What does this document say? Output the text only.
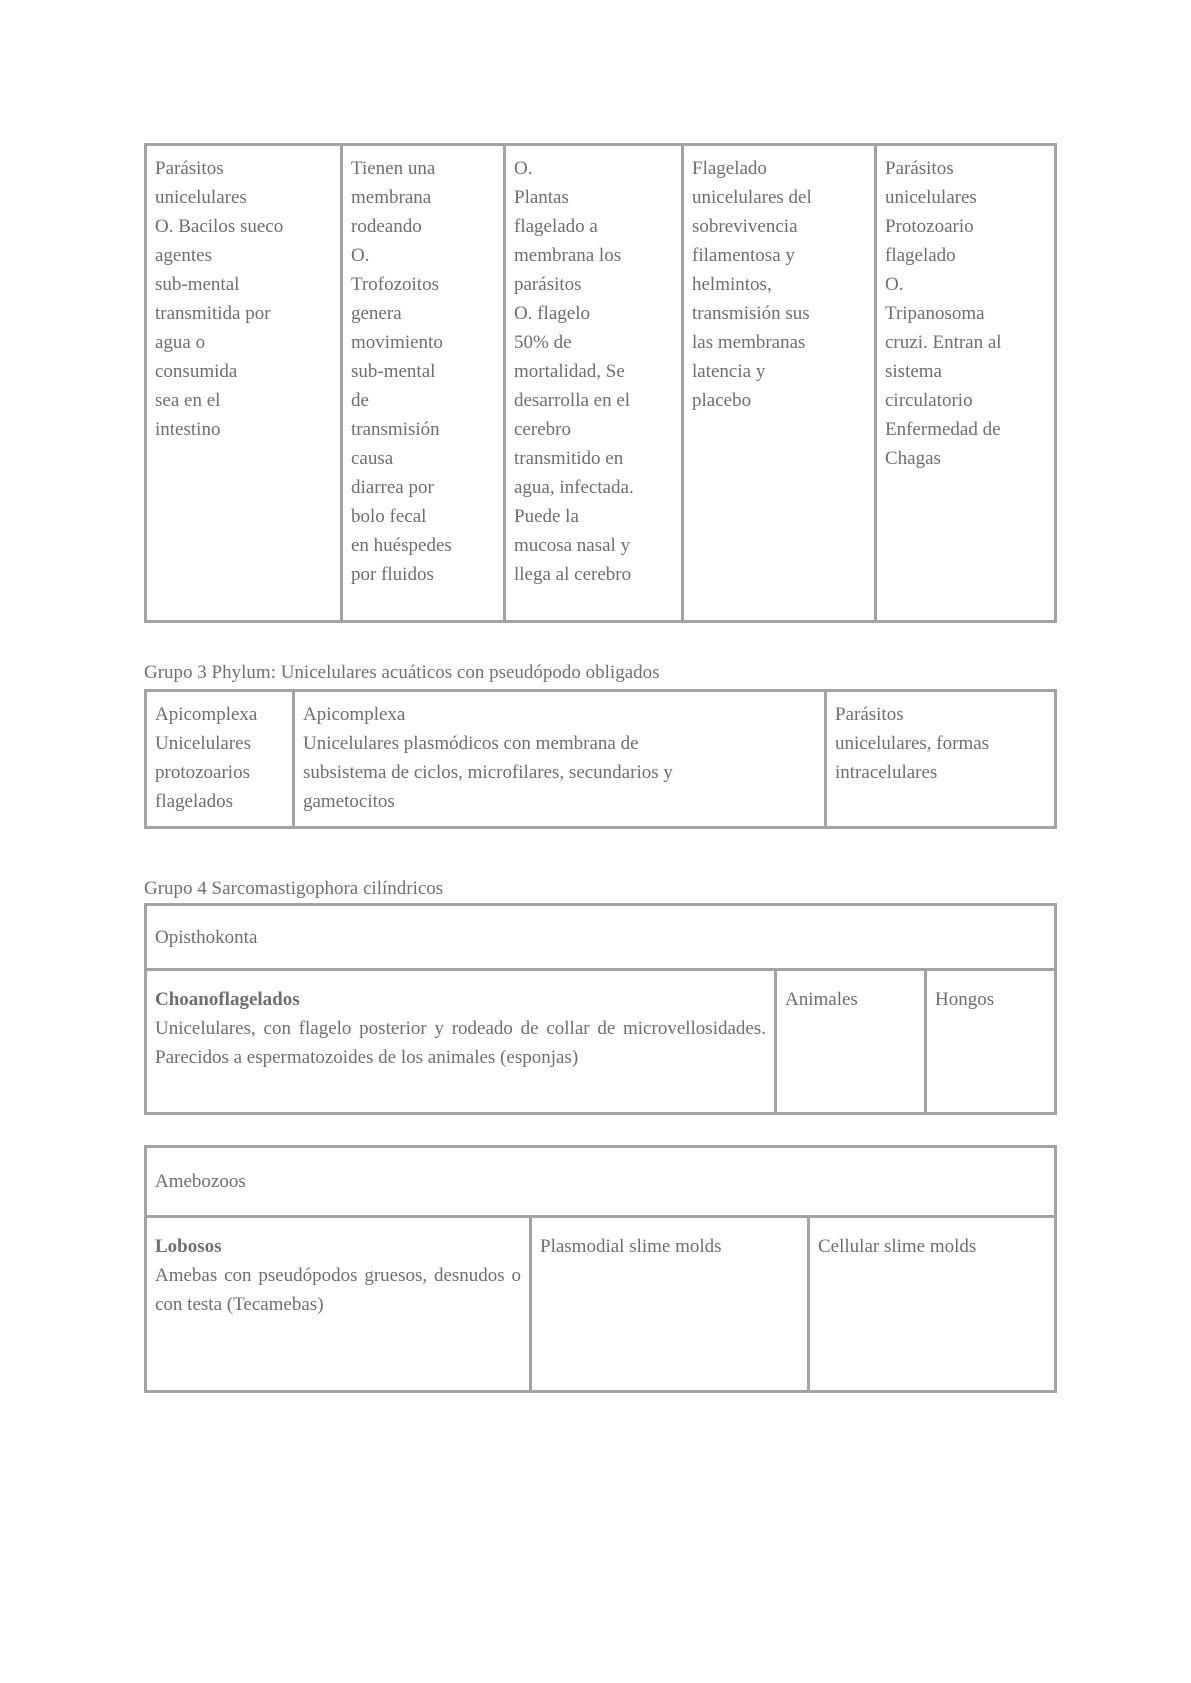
Parásitos
unicelulares
O. Bacilos sueco
agentes
sub-mental
transmitida por
agua o
consumida
sea en el
intestino	Tienen una
membrana
rodeando
O.
Trofozoitos
genera
movimiento
sub-mental
de
transmisión
causa
diarrea por
bolo fecal
en huéspedes
por fluidos	O.
Plantas
flagelado a
membrana los
parásitos
O. flagelo
50% de
mortalidad, Se
desarrolla en el
cerebro
transmitido en
agua, infectada.
Puede la
mucosa nasal y
llega al cerebro	Flagelado
unicelulares del
sobrevivencia
filamentosa y
helmintos,
transmisión sus
las membranas
latencia y
placebo	Parásitos
unicelulares
Protozoario
flagelado
O.
Tripanosoma
cruzi. Entran al
sistema
circulatorio
Enfermedad de
Chagas
Grupo 3 Phylum: Unicelulares acuáticos con pseudópodo obligados
Apicomplexa
Unicelulares
protozoarios
flagelados	Apicomplexa
Unicelulares plasmódicos con membrana de
subsistema de ciclos, microfilares, secundarios y
gametocitos	Parásitos
unicelulares, formas
intracelulares
Grupo 4 Sarcomastigophora cilíndricos
Opisthokonta

Choanoflagelados
Unicelulares, con flagelo posterior y rodeado de collar de microvellosidades. Parecidos a espermatozoides de los animales (esponjas)	Animales	Hongos
Amebozoos

Lobosos
Amebas con pseudópodos gruesos, desnudos o con testa (Tecamebas)	Plasmodial slime molds	Cellular slime molds
